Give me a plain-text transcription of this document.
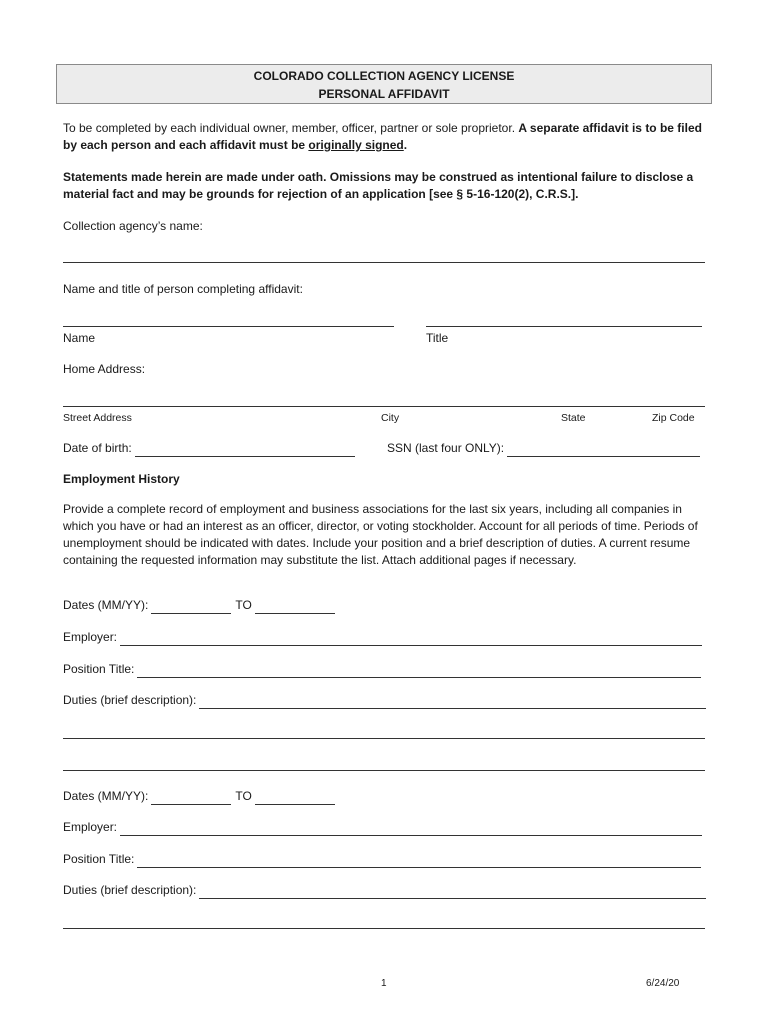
COLORADO COLLECTION AGENCY LICENSE
PERSONAL AFFIDAVIT
To be completed by each individual owner, member, officer, partner or sole proprietor. A separate affidavit is to be filed by each person and each affidavit must be originally signed.
Statements made herein are made under oath. Omissions may be construed as intentional failure to disclose a material fact and may be grounds for rejection of an application [see § 5-16-120(2), C.R.S.].
Collection agency’s name:
Name and title of person completing affidavit:
Name	Title
Home Address:
Street Address	City	State	Zip Code
Date of birth:	SSN (last four ONLY):
Employment History
Provide a complete record of employment and business associations for the last six years, including all companies in which you have or had an interest as an officer, director, or voting stockholder. Account for all periods of time. Periods of unemployment should be indicated with dates. Include your position and a brief description of duties. A current resume containing the requested information may substitute the list. Attach additional pages if necessary.
Dates (MM/YY):	TO
Employer:
Position Title:
Duties (brief description):
Dates (MM/YY):	TO
Employer:
Position Title:
Duties (brief description):
1	6/24/20
